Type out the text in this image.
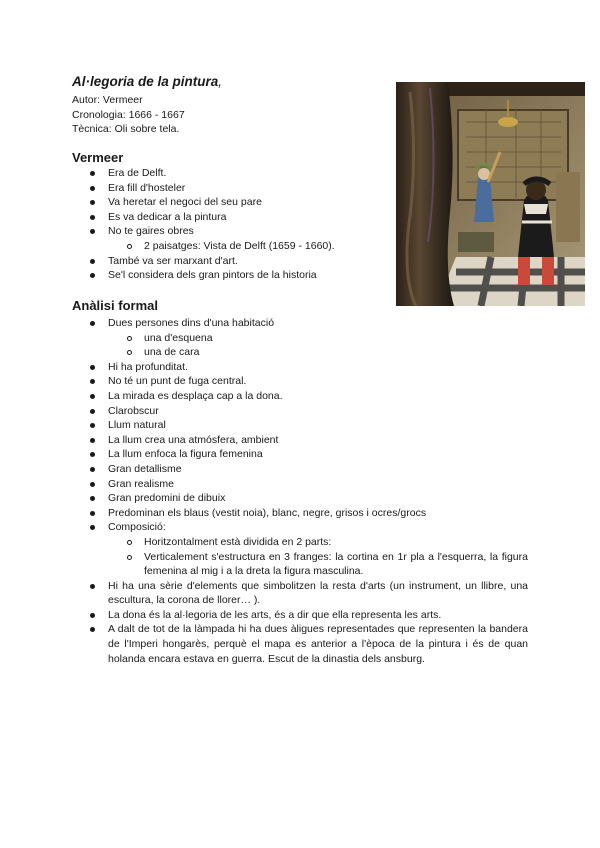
Al·legoria de la pintura,
Autor: Vermeer
Cronologia: 1666 - 1667
Tècnica: Oli sobre tela.
Vermeer
Era de Delft.
Era fill d'hosteler
Va heretar el negoci del seu pare
Es va dedicar a la pintura
No te gaires obres
2 paisatges: Vista de Delft (1659 - 1660).
També va ser marxant d'art.
Se'l considera dels gran pintors de la historia
Anàlisi formal
Dues persones dins d'una habitació
una d'esquena
una de cara
Hi ha profunditat.
No té un punt de fuga central.
La mirada es desplaça cap a la dona.
Clarobscur
Llum natural
La llum crea una atmósfera, ambient
La llum enfoca la figura femenina
Gran detallisme
Gran realisme
Gran predomini de dibuix
Predominan els blaus (vestit noia), blanc, negre, grisos i ocres/grocs
Composició:
Horitzontalment està dividida en 2 parts:
Verticalement s'estructura en 3 franges: la cortina en 1r pla a l'esquerra, la figura femenina al mig i a la dreta la figura masculina.
Hi ha una sèrie d'elements que simbolitzen la resta d'arts (un instrument, un llibre, una escultura, la corona de llorer… ).
La dona és la al·legoria de les arts, és a dir que ella representa les arts.
A dalt de tot de la làmpada hi ha dues àligues representades que representen la bandera de l'Imperi hongarès, perquè el mapa es anterior a l'època de la pintura i és de quan holanda encara estava en guerra. Escut de la dinastia dels ansburg.
